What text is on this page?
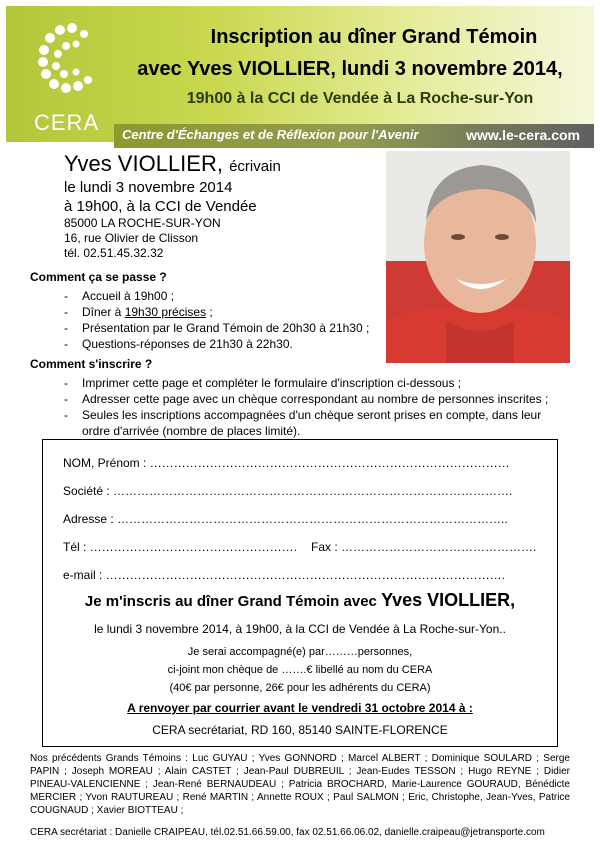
CERA
Inscription au dîner Grand Témoin
avec Yves VIOLLIER, lundi 3 novembre 2014,
19h00 à la CCI de Vendée à La Roche-sur-Yon
Centre d'Échanges et de Réflexion pour l'Avenir	www.le-cera.com
Yves VIOLLIER, écrivain
le lundi 3 novembre 2014
à 19h00, à la CCI de Vendée
85000 LA ROCHE-SUR-YON
16, rue Olivier de Clisson
tél. 02.51.45.32.32
Comment ça se passe ?
- Accueil à 19h00 ;
- Dîner à 19h30 précises ;
- Présentation par le Grand Témoin de 20h30 à 21h30 ;
- Questions-réponses de 21h30 à 22h30.
Comment s'inscrire ?
- Imprimer cette page et compléter le formulaire d'inscription ci-dessous ;
- Adresser cette page avec un chèque correspondant au nombre de personnes inscrites ;
- Seules les inscriptions accompagnées d'un chèque seront prises en compte, dans leur ordre d'arrivée (nombre de places limité).
NOM, Prénom : ………………………………………………………………………………
Société : ……………………………………………………………………………………….
Adresse : ……………………………………………………………………………………..
Tél : ……………………………………………. Fax : ………………………………………….
e-mail : ……………………………………………………………………………………….
Je m'inscris au dîner Grand Témoin avec Yves VIOLLIER,
le lundi 3 novembre 2014, à 19h00, à la CCI de Vendée à La Roche-sur-Yon..
Je serai accompagné(e) par………personnes,
ci-joint mon chèque de …….€ libellé au nom du CERA
(40€ par personne, 26€ pour les adhérents du CERA)
A renvoyer par courrier avant le vendredi 31 octobre 2014 à :
CERA secrétariat, RD 160, 85140 SAINTE-FLORENCE
Nos précédents Grands Témoins : Luc GUYAU ; Yves GONNORD ; Marcel ALBERT ; Dominique SOULARD ; Serge PAPIN ; Joseph MOREAU ; Alain CASTET ; Jean-Paul DUBREUIL ; Jean-Eudes TESSON ; Hugo REYNE ; Didier PINEAU-VALENCIENNE ; Jean-René BERNAUDEAU ; Patricia BROCHARD, Marie-Laurence GOURAUD, Bénédicte MERCIER ; Yvon RAUTUREAU ; René MARTIN ; Annette ROUX ; Paul SALMON ; Eric, Christophe, Jean-Yves, Patrice COUGNAUD ; Xavier BIOTTEAU ;
CERA secrétariat : Danielle CRAIPEAU, tél.02.51.66.59.00, fax 02.51.66.06.02, danielle.craipeau@jetransporte.com
